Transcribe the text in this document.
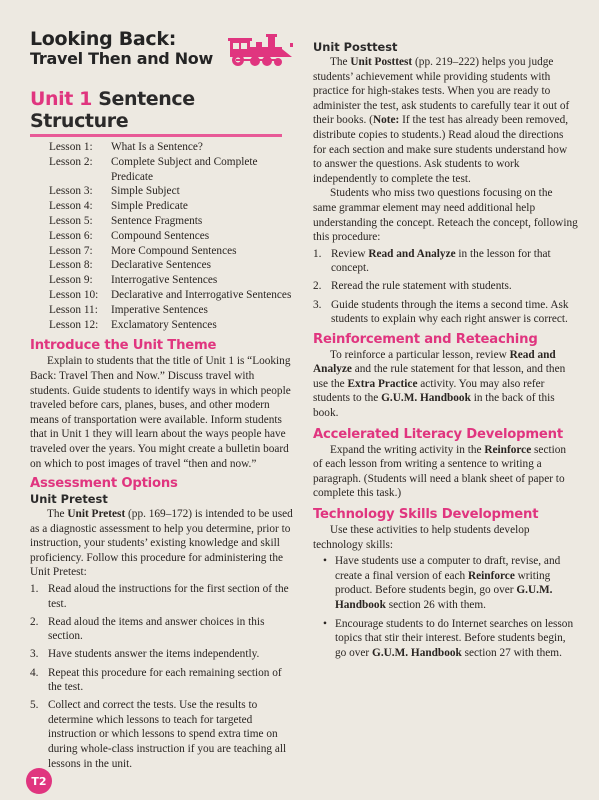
Looking Back:
Travel Then and Now
Unit 1 Sentence Structure
Lesson 1:	What Is a Sentence?
Lesson 2:	Complete Subject and Complete Predicate
Lesson 3:	Simple Subject
Lesson 4:	Simple Predicate
Lesson 5:	Sentence Fragments
Lesson 6:	Compound Sentences
Lesson 7:	More Compound Sentences
Lesson 8:	Declarative Sentences
Lesson 9:	Interrogative Sentences
Lesson 10:	Declarative and Interrogative Sentences
Lesson 11:	Imperative Sentences
Lesson 12:	Exclamatory Sentences
Introduce the Unit Theme

Explain to students that the title of Unit 1 is “Looking Back: Travel Then and Now.” Discuss travel with students. Guide students to identify ways in which people traveled before cars, planes, buses, and other modern means of transportation were available. Inform students that in Unit 1 they will learn about the ways people have traveled over the years. You might create a bulletin board on which to post images of travel “then and now.”

Assessment Options
Unit Pretest

The Unit Pretest (pp. 169–172) is intended to be used as a diagnostic assessment to help you determine, prior to instruction, your students’ existing knowledge and skill proficiency. Follow this procedure for administering the Unit Pretest:

1. Read aloud the instructions for the first section of the test.
2. Read aloud the items and answer choices in this section.
3. Have students answer the items independently.
4. Repeat this procedure for each remaining section of the test.
5. Collect and correct the tests. Use the results to determine which lessons to teach for targeted instruction or which lessons to spend extra time on during whole-class instruction if you are teaching all lessons in the unit.
Unit Posttest

The Unit Posttest (pp. 219–222) helps you judge students’ achievement while providing students with practice for high-stakes tests. When you are ready to administer the test, ask students to carefully tear it out of their books. (Note: If the test has already been removed, distribute copies to students.) Read aloud the directions for each section and make sure students understand how to answer the questions. Ask students to work independently to complete the test.

Students who miss two questions focusing on the same grammar element may need additional help understanding the concept. Reteach the concept, following this procedure:

1. Review Read and Analyze in the lesson for that concept.
2. Reread the rule statement with students.
3. Guide students through the items a second time. Ask students to explain why each right answer is correct.
Reinforcement and Reteaching

To reinforce a particular lesson, review Read and Analyze and the rule statement for that lesson, and then use the Extra Practice activity. You may also refer students to the G.U.M. Handbook in the back of this book.

Accelerated Literacy Development

Expand the writing activity in the Reinforce section of each lesson from writing a sentence to writing a paragraph. (Students will need a blank sheet of paper to complete this task.)

Technology Skills Development

Use these activities to help students develop technology skills:

• Have students use a computer to draft, revise, and create a final version of each Reinforce writing product. Before students begin, go over G.U.M. Handbook section 26 with them.
• Encourage students to do Internet searches on lesson topics that stir their interest. Before students begin, go over G.U.M. Handbook section 27 with them.
T2
